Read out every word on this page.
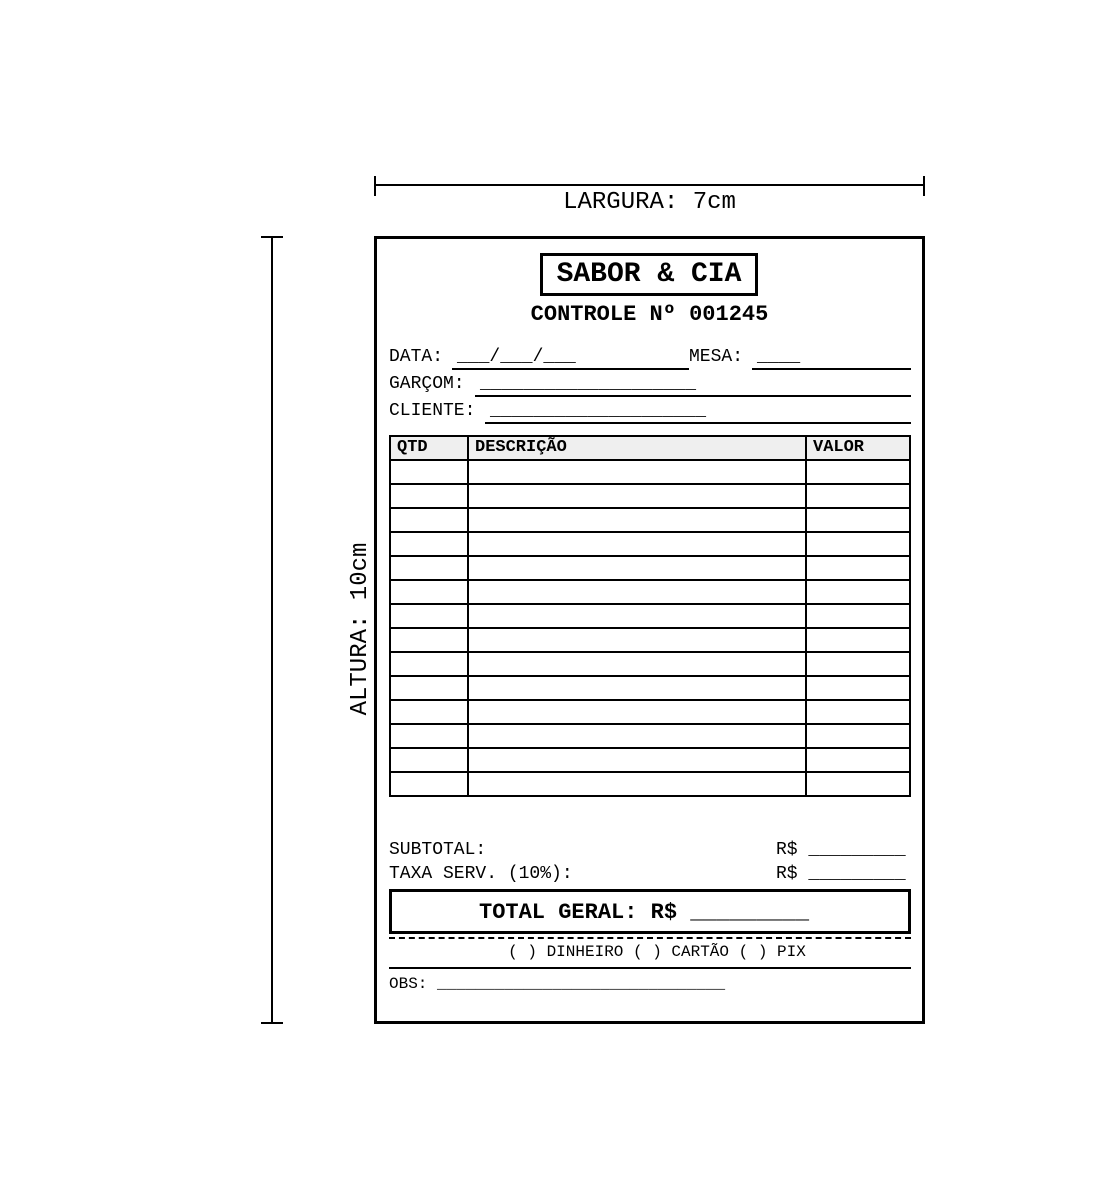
LARGURA: 7cm
ALTURA: 10cm
SABOR & CIA
CONTROLE Nº 001245
DATA: ___/___/___	MESA: ____
GARÇOM: ____________________
CLIENTE: ____________________
QTD	DESCRIÇÃO	VALOR

SUBTOTAL:	R$ _________
TAXA SERV. (10%):	R$ _________
TOTAL GERAL: R$ _________
( ) DINHEIRO ( ) CARTÃO ( ) PIX
OBS: ______________________________
